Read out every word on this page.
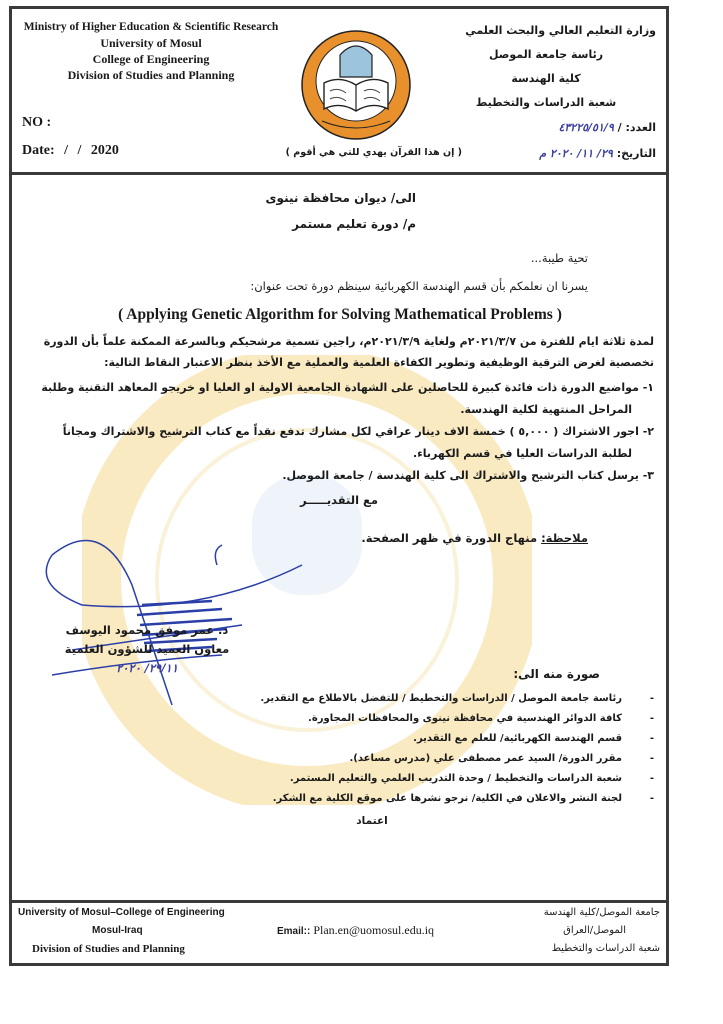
Ministry of Higher Education & Scientific Research
University of Mosul
College of Engineering
Division of Studies and Planning
NO :
Date: / / 2020	( إن هذا القرآن يهدي للتي هي أقوم )
وزارة التعليم العالي والبحث العلمي
رئاسة جامعة الموصل
كلية الهندسة
شعبة الدراسات والتخطيط
العدد: / ٤٣٢٢٥/٥١/٩
التاريخ: ٢٩/ ١١/ ٢٠٢٠ م
الى/ ديوان محافظة نينوى
م/ دورة تعليم مستمر
تحية طيبة...
يسرنا ان نعلمكم بأن قسم الهندسة الكهربائية سينظم دورة تحت عنوان:
( Applying Genetic Algorithm for Solving Mathematical Problems )
لمدة ثلاثة ايام للفترة من ٢٠٢١/٣/٧م ولغاية ٢٠٢١/٣/٩م، راجين تسمية مرشحيكم وبالسرعة الممكنة علماً بأن الدورة تخصصية لغرض الترقية الوظيفية وتطوير الكفاءة العلمية والعملية مع الأخذ بنظر الاعتبار النقاط التالية:
١- مواضيع الدورة ذات فائدة كبيرة للحاصلين على الشهادة الجامعية الاولية او العليا او خريجو المعاهد التقنية وطلبة
المراحل المنتهية لكلية الهندسة.
٢- اجور الاشتراك ( ٥,٠٠٠ ) خمسة الاف دينار عراقي لكل مشارك تدفع نقداً مع كتاب الترشيح والاشتراك ومجاناً
لطلبة الدراسات العليا في قسم الكهرباء.
٣- يرسل كتاب الترشيح والاشتراك الى كلية الهندسة / جامعة الموصل.
مع التقديـــــر
ملاحظة: منهاج الدورة في ظهر الصفحة.
د. عمر موفق محمود اليوسف
معاون العميد للشؤون العلمية
٢٩/١١/ ٢٠٢٠	صورة منه الى:
- رئاسة جامعة الموصل / الدراسات والتخطيط / للتفضل بالاطلاع مع التقدير.
- كافة الدوائر الهندسية في محافظة نينوى والمحافظات المجاورة.
- قسم الهندسة الكهربائية/ للعلم مع التقدير.
- مقرر الدورة/ السيد عمر مصطفى علي (مدرس مساعد).
- شعبة الدراسات والتخطيط / وحدة التدريب العلمي والتعليم المستمر.
- لجنة النشر والاعلان في الكلية/ نرجو نشرها على موقع الكلية مع الشكر.
اعتماد
University of Mosul–College of Engineering
Mosul-Iraq
Division of Studies and Planning
Email:: Plan.en@uomosul.edu.iq
جامعة الموصل/كلية الهندسة
الموصل/العراق
شعبة الدراسات والتخطيط
